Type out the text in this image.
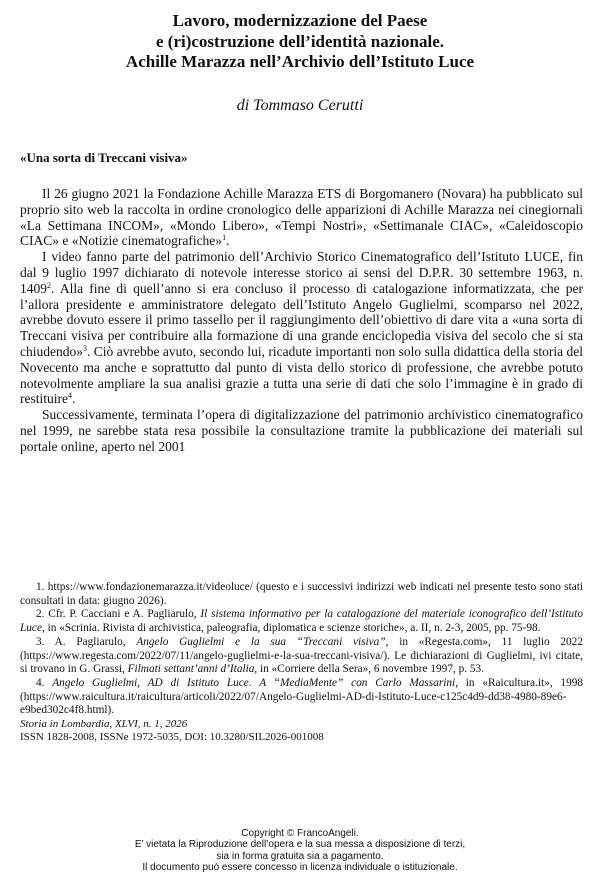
Lavoro, modernizzazione del Paese
e (ri)costruzione dell’identità nazionale.
Achille Marazza nell’Archivio dell’Istituto Luce

di Tommaso Cerutti

«Una sorta di Treccani visiva»

Il 26 giugno 2021 la Fondazione Achille Marazza ETS di Borgomanero (Novara) ha pubblicato sul proprio sito web la raccolta in ordine cronologico delle apparizioni di Achille Marazza nei cinegiornali «La Settimana INCOM», «Mondo Libero», «Tempi Nostri», «Settimanale CIAC», «Caleidoscopio CIAC» e «Notizie cinematografiche»$^1$.

I video fanno parte del patrimonio dell’Archivio Storico Cinematografico dell’Istituto LUCE, fin dal 9 luglio 1997 dichiarato di notevole interesse storico ai sensi del D.P.R. 30 settembre 1963, n. 1409$^2$. Alla fine di quell’anno si era concluso il processo di catalogazione informatizzata, che per l’allora presidente e amministratore delegato dell’Istituto Angelo Guglielmi, scomparso nel 2022, avrebbe dovuto essere il primo tassello per il raggiungimento dell’obiettivo di dare vita a «una sorta di Treccani visiva per contribuire alla formazione di una grande enciclopedia visiva del secolo che si sta chiudendo»$^3$. Ciò avrebbe avuto, secondo lui, ricadute importanti non solo sulla didattica della storia del Novecento ma anche e soprattutto dal punto di vista dello storico di professione, che avrebbe potuto notevolmente ampliare la sua analisi grazie a tutta una serie di dati che solo l’immagine è in grado di restituire$^4$.

Successivamente, terminata l’opera di digitalizzazione del patrimonio archivistico cinematografico nel 1999, ne sarebbe stata resa possibile la consultazione tramite la pubblicazione dei materiali sul portale online, aperto nel 2001

1. https://www.fondazionemarazza.it/videoluce/ (questo e i successivi indirizzi web indicati nel presente testo sono stati consultati in data: giugno 2026).

2. Cfr. P. Cacciani e A. Pagliarulo, Il sistema informativo per la catalogazione del materiale iconografico dell’Istituto Luce, in «Scrinia. Rivista di archivistica, paleografia, diplomatica e scienze storiche», a. II, n. 2-3, 2005, pp. 75-98.

3. A. Pagliarulo, Angelo Guglielmi e la sua “Treccani visiva”, in «Regesta.com», 11 luglio 2022 (https://www.regesta.com/2022/07/11/angelo-guglielmi-e-la-sua-treccani-visiva/). Le dichiarazioni di Guglielmi, ivi citate, si trovano in G. Grassi, Filmati settant’anni d’Italia, in «Corriere della Sera», 6 novembre 1997, p. 53.

4. Angelo Guglielmi, AD di Istituto Luce. A “MediaMente” con Carlo Massarini, in «Raicultura.it», 1998 (https://www.raicultura.it/raicultura/articoli/2022/07/Angelo-Guglielmi-AD-di-Istituto-Luce-c125c4d9-dd38-4980-89e6-e9bed302c4f8.html).

Storia in Lombardia, XLVI, n. 1, 2026
ISSN 1828-2008, ISSNe 1972-5035, DOI: 10.3280/SIL2026-001008

Copyright © FrancoAngeli.
E’ vietata la Riproduzione dell’opera e la sua messa a disposizione di terzi,
sia in forma gratuita sia a pagamento.
Il documento può essere concesso in licenza individuale o istituzionale.
